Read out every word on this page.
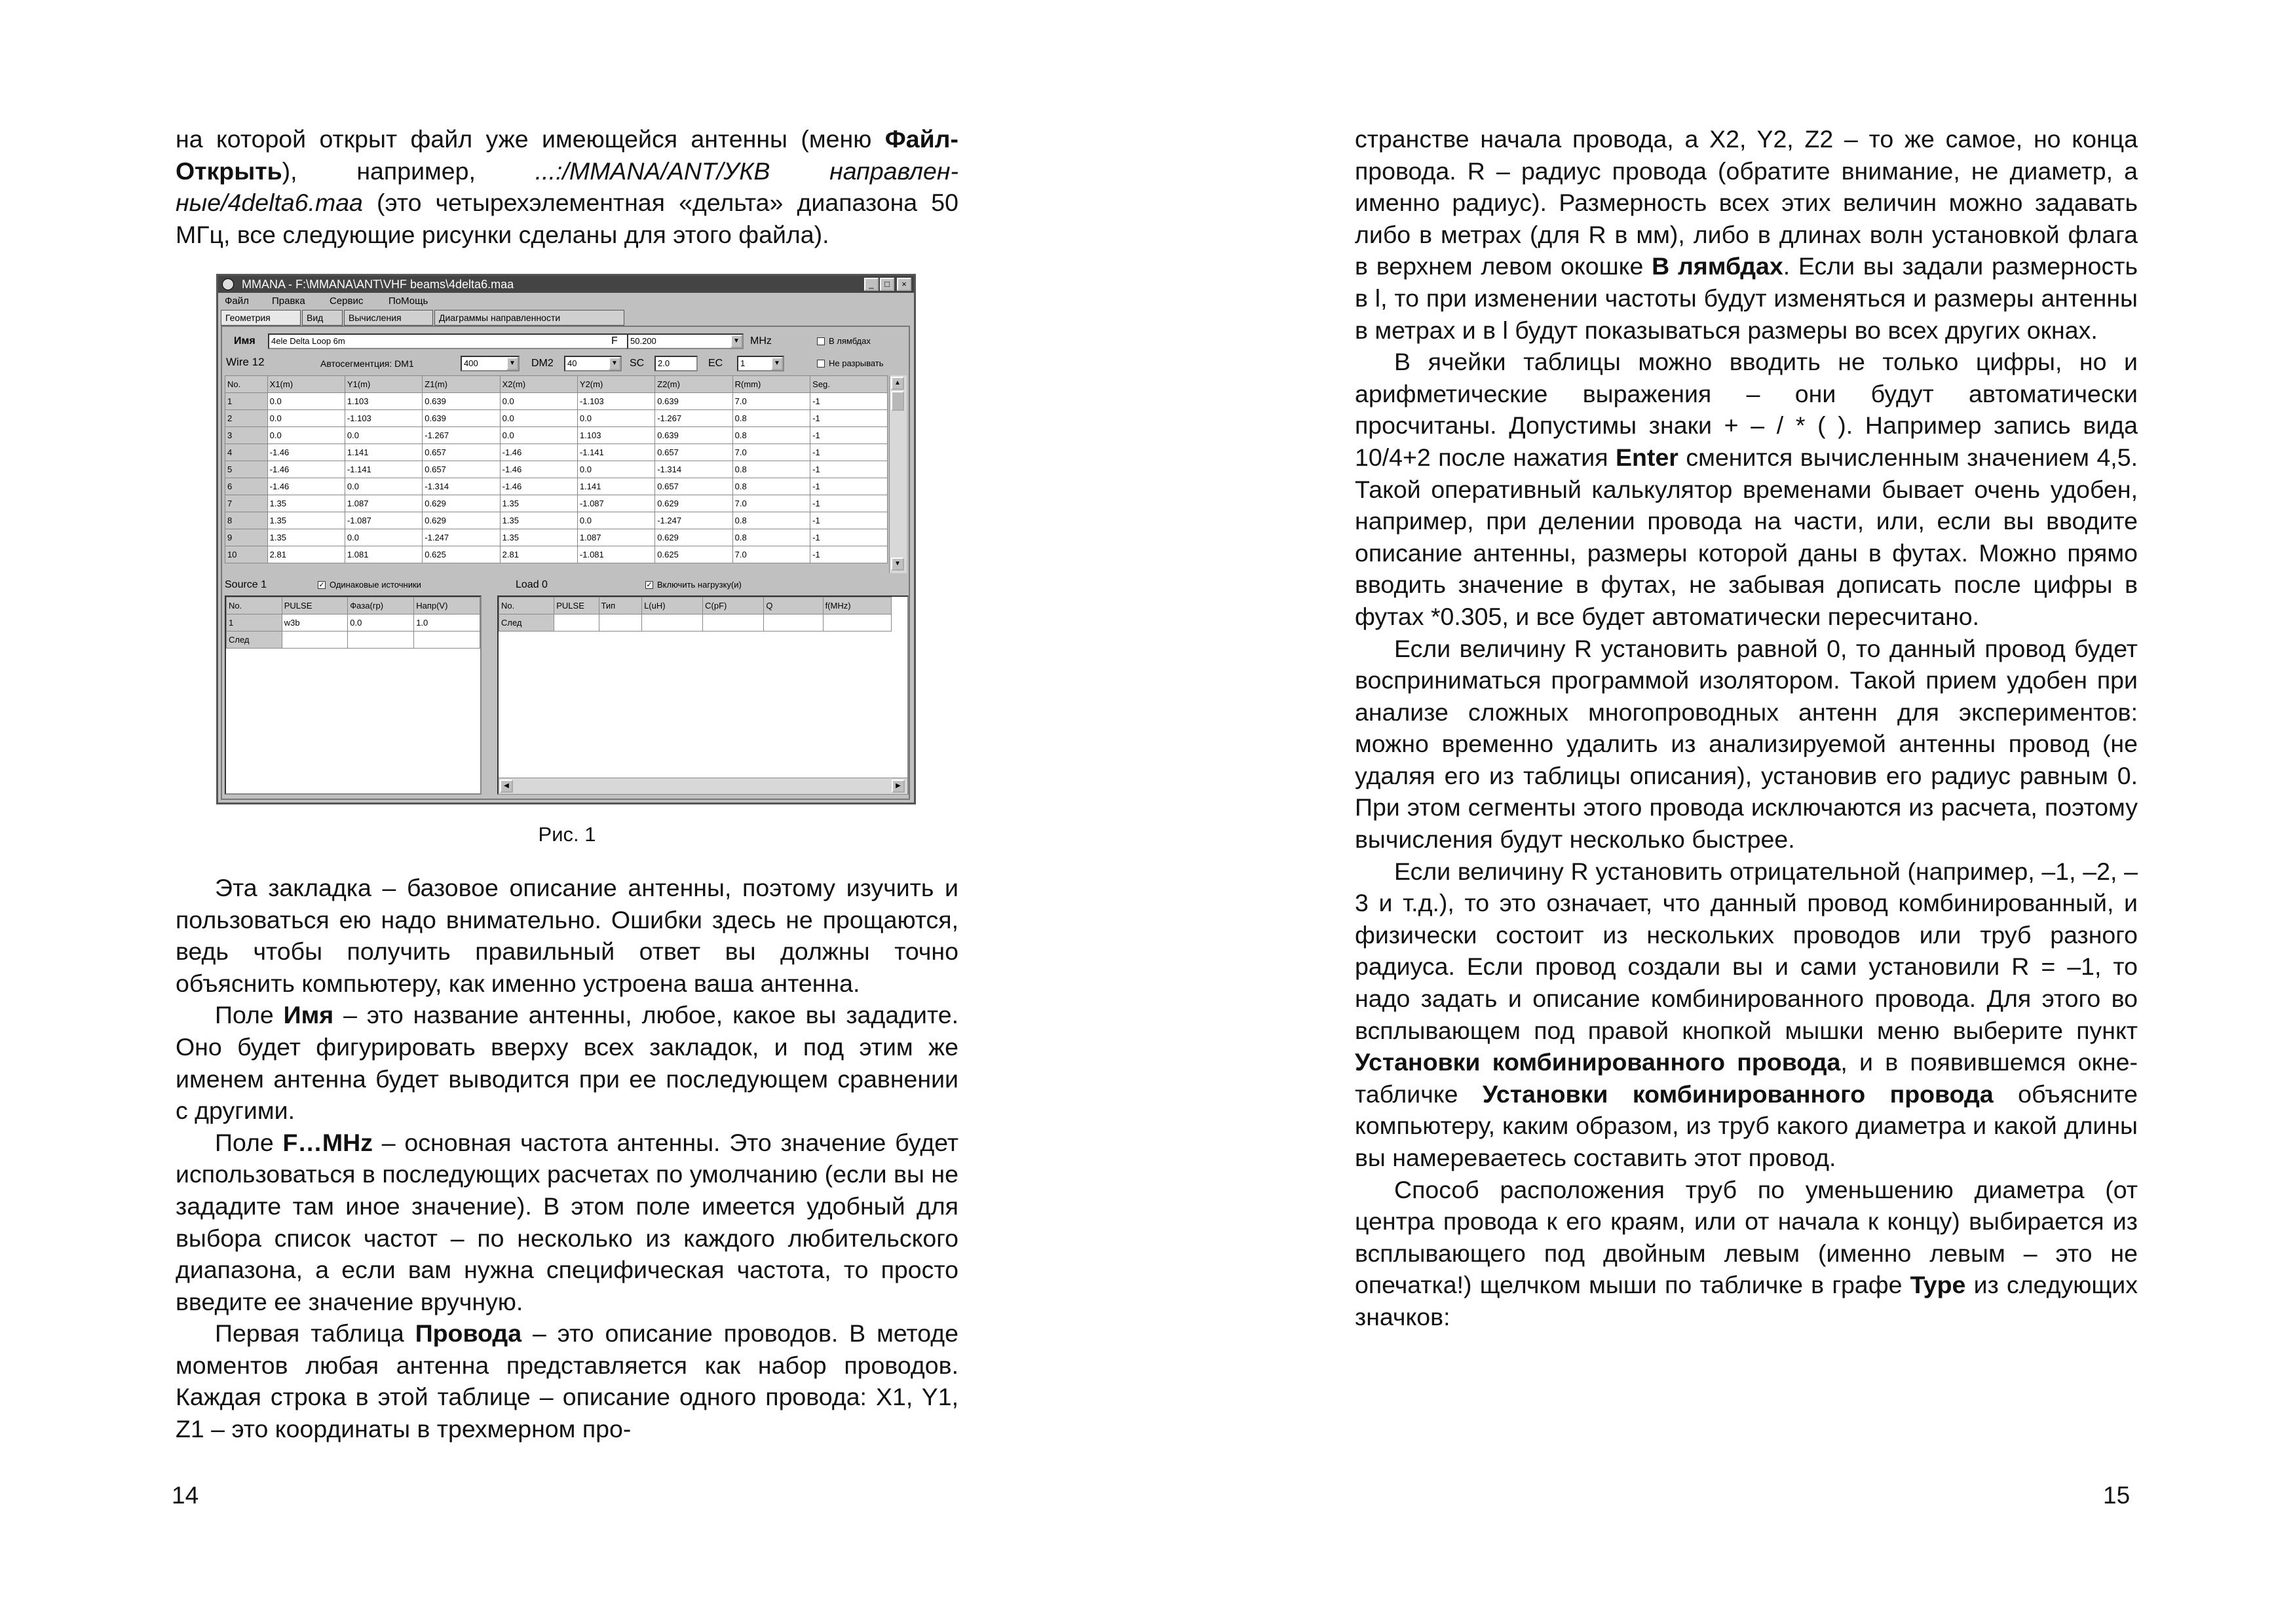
на которой открыт файл уже имеющейся антенны (меню Файл-Открыть), например, ...:/MMANA/ANT/УКВ направлен-ные/4delta6.maa (это четырехэлементная «дельта» диапазона 50 МГц, все следующие рисунки сделаны для этого файла).

MMANA - F:\MMANA\ANT\VHF beams\4delta6.maa	_	□	×
Файл Правка Сервис	ПоМощь
Геометрия	Вид	Вычисления	Диаграммы направленности
Имя	4ele Delta Loop 6m	F	50.200	▼ MHz	В лямбдах
Wire 12	Автосегментция: DM1	400	▼ DM2	40	▼ SC	2.0	EC	1	▼	Не разрывать
No.	X1(m)	Y1(m)	Z1(m)	X2(m)	Y2(m)	Z2(m)	R(mm)	Seg.
1	0.0	1.103	0.639	0.0	-1.103	0.639	7.0	-1
2	0.0	-1.103	0.639	0.0	0.0	-1.267	0.8	-1
3	0.0	0.0	-1.267	0.0	1.103	0.639	0.8	-1
4	-1.46	1.141	0.657	-1.46	-1.141	0.657	7.0	-1
5	-1.46	-1.141	0.657	-1.46	0.0	-1.314	0.8	-1
6	-1.46	0.0	-1.314	-1.46	1.141	0.657	0.8	-1
7	1.35	1.087	0.629	1.35	-1.087	0.629	7.0	-1
8	1.35	-1.087	0.629	1.35	0.0	-1.247	0.8	-1
9	1.35	0.0	-1.247	1.35	1.087	0.629	0.8	-1
10	2.81	1.081	0.625	2.81	-1.081	0.625	7.0	-1
▲
▼
Source 1	✓ Одинаковые источники	Load 0	✓ Включить нагрузку(и)
No.	PULSE	Фаза(гр)	Напр(V)
1	w3b	0.0	1.0
След			
No.	PULSE	Тип	L(uH)	C(pF)	Q	f(MHz)
След						
◀	▶
Рис. 1

Эта закладка – базовое описание антенны, поэтому изучить и пользоваться ею надо внимательно. Ошибки здесь не прощаются, ведь чтобы получить правильный ответ вы должны точно объяснить компьютеру, как именно устроена ваша антенна.

Поле Имя – это название антенны, любое, какое вы зададите. Оно будет фигурировать вверху всех закладок, и под этим же именем антенна будет выводится при ее последующем сравнении с другими.

Поле F…MHz – основная частота антенны. Это значение будет использоваться в последующих расчетах по умолчанию (если вы не зададите там иное значение). В этом поле имеется удобный для выбора список частот – по несколько из каждого любительского диапазона, а если вам нужна специфическая частота, то просто введите ее значение вручную.

Первая таблица Провода – это описание проводов. В методе моментов любая антенна представляется как набор проводов. Каждая строка в этой таблице – описание одного провода: X1, Y1, Z1 – это координаты в трехмерном про-

14

странстве начала провода, а X2, Y2, Z2 – то же самое, но конца провода. R – радиус провода (обратите внимание, не диаметр, а именно радиус). Размерность всех этих величин можно задавать либо в метрах (для R в мм), либо в длинах волн установкой флага в верхнем левом окошке В лямбдах. Если вы задали размерность в l, то при изменении частоты будут изменяться и размеры антенны в метрах и в l будут показываться размеры во всех других окнах.

В ячейки таблицы можно вводить не только цифры, но и арифметические выражения – они будут автоматически просчитаны. Допустимы знаки + – / * ( ). Например запись вида 10/4+2 после нажатия Enter сменится вычисленным значением 4,5. Такой оперативный калькулятор временами бывает очень удобен, например, при делении провода на части, или, если вы вводите описание антенны, размеры которой даны в футах. Можно прямо вводить значение в футах, не забывая дописать после цифры в футах *0.305, и все будет автоматически пересчитано.

Если величину R установить равной 0, то данный провод будет восприниматься программой изолятором. Такой прием удобен при анализе сложных многопроводных антенн для экспериментов: можно временно удалить из анализируемой антенны провод (не удаляя его из таблицы описания), установив его радиус равным 0. При этом сегменты этого провода исключаются из расчета, поэтому вычисления будут несколько быстрее.

Если величину R установить отрицательной (например, –1, –2, –3 и т.д.), то это означает, что данный провод комбинированный, и физически состоит из нескольких проводов или труб разного радиуса. Если провод создали вы и сами установили R = –1, то надо задать и описание комбинированного провода. Для этого во всплывающем под правой кнопкой мышки меню выберите пункт Установки комбинированного провода, и в появившемся окне-табличке Установки комбинированного провода объясните компьютеру, каким образом, из труб какого диаметра и какой длины вы намереваетесь составить этот провод.

Способ расположения труб по уменьшению диаметра (от центра провода к его краям, или от начала к концу) выбирается из всплывающего под двойным левым (именно левым – это не опечатка!) щелчком мыши по табличке в графе Type из следующих значков:

15
